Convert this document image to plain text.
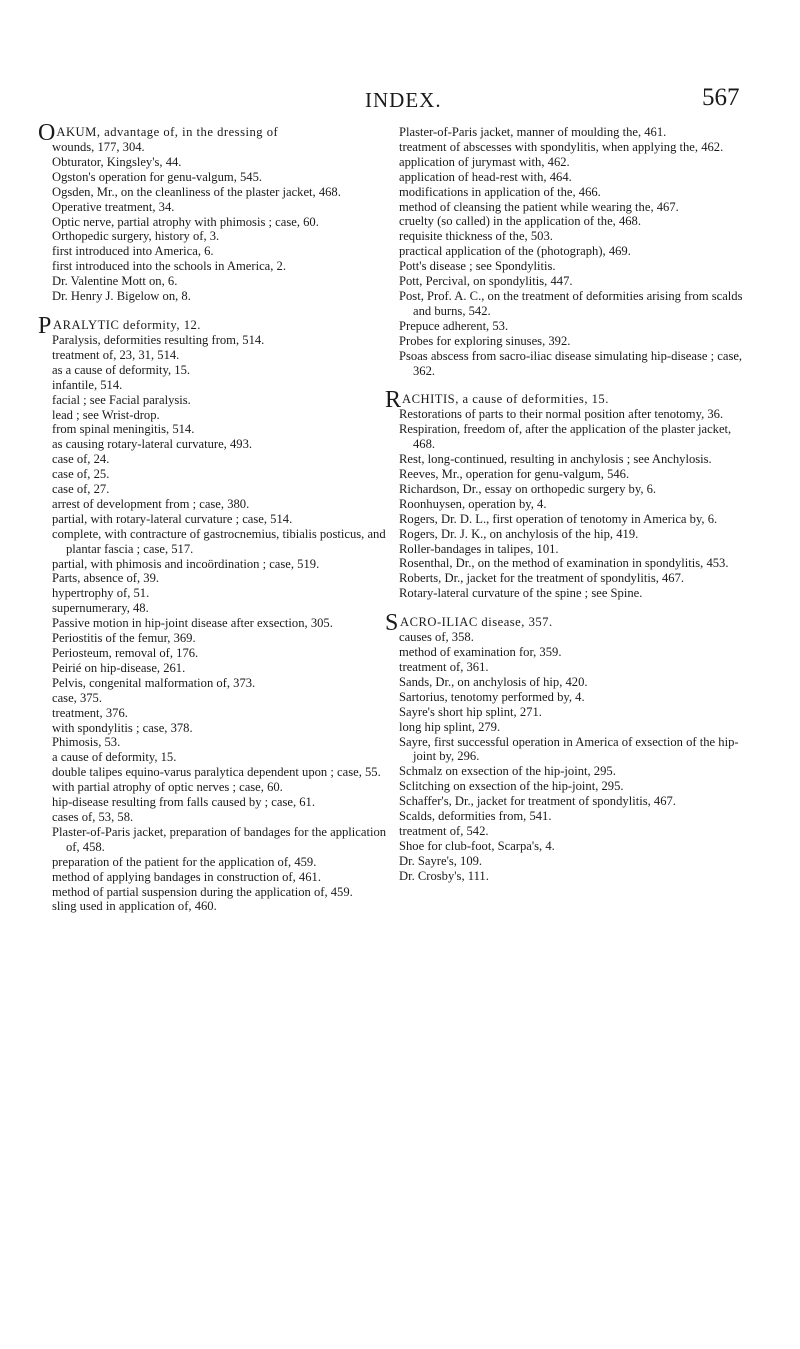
INDEX.	567

OAKUM, advantage of, in the dressing of

wounds, 177, 304.

Obturator, Kingsley's, 44.

Ogston's operation for genu-valgum, 545.

Ogsden, Mr., on the cleanliness of the plaster jacket, 468.

Operative treatment, 34.

Optic nerve, partial atrophy with phimosis ; case, 60.

Orthopedic surgery, history of, 3.

first introduced into America, 6.

first introduced into the schools in America, 2.

Dr. Valentine Mott on, 6.

Dr. Henry J. Bigelow on, 8.

PARALYTIC deformity, 12.

Paralysis, deformities resulting from, 514.

treatment of, 23, 31, 514.

as a cause of deformity, 15.

infantile, 514.

facial ; see Facial paralysis.

lead ; see Wrist-drop.

from spinal meningitis, 514.

as causing rotary-lateral curvature, 493.

case of, 24.

case of, 25.

case of, 27.

arrest of development from ; case, 380.

partial, with rotary-lateral curvature ; case, 514.

complete, with contracture of gastrocnemius, tibialis posticus, and plantar fascia ; case, 517.

partial, with phimosis and incoördination ; case, 519.

Parts, absence of, 39.

hypertrophy of, 51.

supernumerary, 48.

Passive motion in hip-joint disease after exsection, 305.

Periostitis of the femur, 369.

Periosteum, removal of, 176.

Peirié on hip-disease, 261.

Pelvis, congenital malformation of, 373.

case, 375.

treatment, 376.

with spondylitis ; case, 378.

Phimosis, 53.

a cause of deformity, 15.

double talipes equino-varus paralytica dependent upon ; case, 55.

with partial atrophy of optic nerves ; case, 60.

hip-disease resulting from falls caused by ; case, 61.

cases of, 53, 58.

Plaster-of-Paris jacket, preparation of bandages for the application of, 458.

preparation of the patient for the application of, 459.

method of applying bandages in construction of, 461.

method of partial suspension during the application of, 459.

sling used in application of, 460.

Plaster-of-Paris jacket, manner of moulding the, 461.

treatment of abscesses with spondylitis, when applying the, 462.

application of jurymast with, 462.

application of head-rest with, 464.

modifications in application of the, 466.

method of cleansing the patient while wearing the, 467.

cruelty (so called) in the application of the, 468.

requisite thickness of the, 503.

practical application of the (photograph), 469.

Pott's disease ; see Spondylitis.

Pott, Percival, on spondylitis, 447.

Post, Prof. A. C., on the treatment of deformities arising from scalds and burns, 542.

Prepuce adherent, 53.

Probes for exploring sinuses, 392.

Psoas abscess from sacro-iliac disease simulating hip-disease ; case, 362.

RACHITIS, a cause of deformities, 15.

Restorations of parts to their normal position after tenotomy, 36.

Respiration, freedom of, after the application of the plaster jacket, 468.

Rest, long-continued, resulting in anchylosis ; see Anchylosis.

Reeves, Mr., operation for genu-valgum, 546.

Richardson, Dr., essay on orthopedic surgery by, 6.

Roonhuysen, operation by, 4.

Rogers, Dr. D. L., first operation of tenotomy in America by, 6.

Rogers, Dr. J. K., on anchylosis of the hip, 419.

Roller-bandages in talipes, 101.

Rosenthal, Dr., on the method of examination in spondylitis, 453.

Roberts, Dr., jacket for the treatment of spondylitis, 467.

Rotary-lateral curvature of the spine ; see Spine.

SACRO-ILIAC disease, 357.

causes of, 358.

method of examination for, 359.

treatment of, 361.

Sands, Dr., on anchylosis of hip, 420.

Sartorius, tenotomy performed by, 4.

Sayre's short hip splint, 271.

long hip splint, 279.

Sayre, first successful operation in America of exsection of the hip-joint by, 296.

Schmalz on exsection of the hip-joint, 295.

Sclitching on exsection of the hip-joint, 295.

Schaffer's, Dr., jacket for treatment of spondylitis, 467.

Scalds, deformities from, 541.

treatment of, 542.

Shoe for club-foot, Scarpa's, 4.

Dr. Sayre's, 109.

Dr. Crosby's, 111.
